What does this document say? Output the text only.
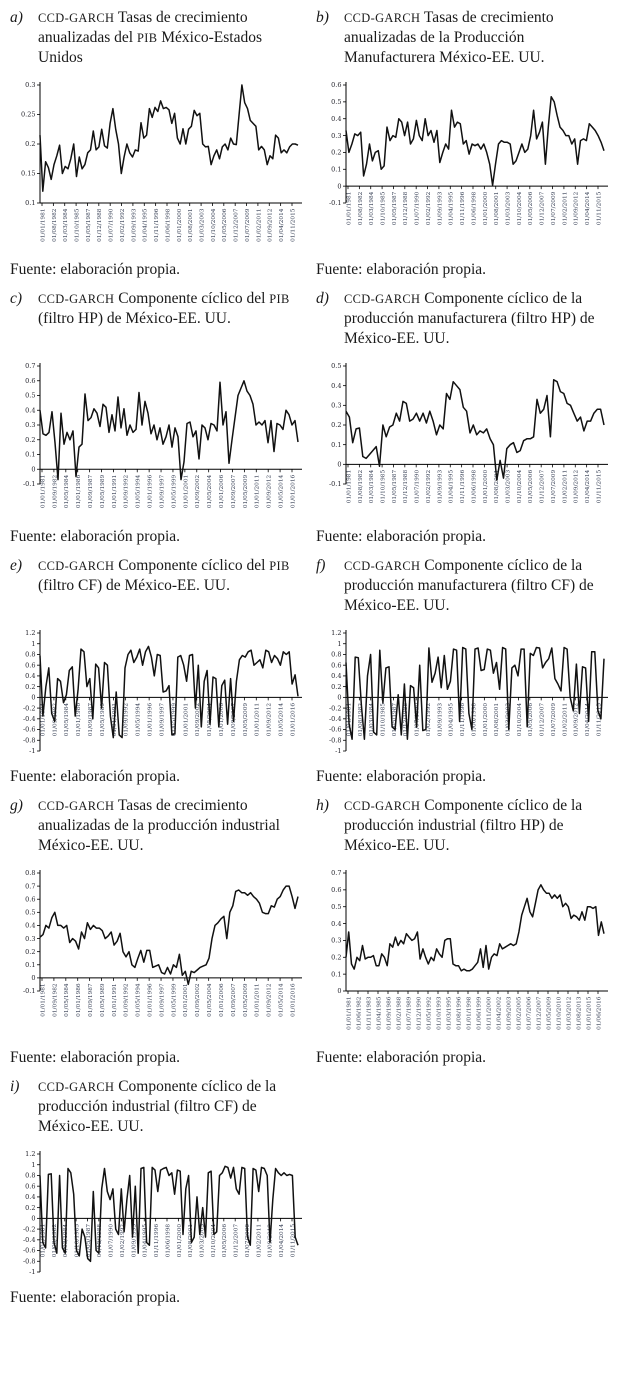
a)	CCD-GARCH Tasas de crecimiento anualizadas del PIB México-Estados Unidos
0.3
0.25
0.2
0.15
0.1
01/01/1981 01/08/1982 01/03/1984 01/10/1985 01/05/1987 01/12/1988 01/07/1990 01/02/1992 01/09/1993 01/04/1995 01/11/1996 01/06/1998 01/01/2000 01/08/2001 01/03/2003 01/10/2004 01/05/2006 01/12/2007 01/07/2009 01/02/2011 01/09/2012 01/04/2014 01/11/2015
Fuente: elaboración propia.
b)	CCD-GARCH Tasas de crecimiento anualizadas de la Producción Manufacturera México-EE. UU.
0.6
0.5
0.4
0.3
0.2
0.1
0
-0.1 01/01/1981 01/08/1982 01/03/1984 01/10/1985 01/05/1987 01/12/1988 01/07/1990 01/02/1992 01/09/1993 01/04/1995 01/11/1996 01/06/1998 01/01/2000 01/08/2001 01/03/2003 01/10/2004 01/05/2006 01/12/2007 01/07/2009 01/02/2011 01/09/2012 01/04/2014 01/11/2015
Fuente: elaboración propia.
c)	CCD-GARCH Componente cíclico del PIB (filtro HP) de México-EE. UU.
0.7
0.6
0.5
0.4
0.3
0.2
0.1
0
-0.1 01/01/1981 01/09/1982 01/05/1984 01/01/1986 01/09/1987 01/05/1989 01/01/1991 01/09/1992 01/05/1994 01/01/1996 01/09/1997 01/05/1999 01/01/2001 01/09/2002 01/05/2004 01/01/2006 01/09/2007 01/05/2009 01/01/2011 01/09/2012 01/05/2014 01/01/2016
Fuente: elaboración propia.
d)	CCD-GARCH Componente cíclico de la producción manufacturera (filtro HP) de México-EE. UU.
0.5
0.4
0.3
0.2
0.1
0
-0.1 01/01/1981 01/08/1982 01/03/1984 01/10/1985 01/05/1987 01/12/1988 01/07/1990 01/02/1992 01/09/1993 01/04/1995 01/11/1996 01/06/1998 01/01/2000 01/08/2001 01/03/2003 01/10/2004 01/05/2006 01/12/2007 01/07/2009 01/02/2011 01/09/2012 01/04/2014 01/11/2015
Fuente: elaboración propia.
e)	CCD-GARCH Componente cíclico del PIB (filtro CF) de México-EE. UU.
1.2
1
0.8
0.6
0.4
0.2
0
-0.2
-0.4
-0.6
-0.8
-1
01/01/1981 01/09/1982 01/05/1984 01/01/1986 01/09/1987 01/05/1989 01/01/1991 01/09/1992 01/05/1994 01/01/1996 01/09/1997 01/05/1999 01/01/2001 01/09/2002 01/05/2004 01/01/2006 01/09/2007 01/05/2009 01/01/2011 01/09/2012 01/05/2014 01/01/2016
Fuente: elaboración propia.
f)	CCD-GARCH Componente cíclico de la producción manufacturera (filtro CF) de México-EE. UU.
1.2
1
0.8
0.6
0.4
0.2
0
-0.2
-0.4
-0.6
-0.8
-1
01/01/1981 01/08/1982 01/03/1984 01/10/1985 01/05/1987 01/12/1988 01/07/1990 01/02/1992 01/09/1993 01/04/1995 01/11/1996 01/06/1998 01/01/2000 01/08/2001 01/03/2003 01/10/2004 01/05/2006 01/12/2007 01/07/2009 01/02/2011 01/09/2012 01/04/2014 01/11/2015
Fuente: elaboración propia.
g)	CCD-GARCH Tasas de crecimiento anualizadas de la producción industrial México-EE. UU.
0.8
0.7
0.6
0.5
0.4
0.3
0.2
0.1
0
-0.1 01/01/1981 01/09/1982 01/05/1984 01/01/1986 01/09/1987 01/05/1989 01/01/1991 01/09/1992 01/05/1994 01/01/1996 01/09/1997 01/05/1999 01/01/2001 01/09/2002 01/05/2004 01/01/2006 01/09/2007 01/05/2009 01/01/2011 01/09/2012 01/05/2014 01/01/2016
Fuente: elaboración propia.
h)	CCD-GARCH Componente cíclico de la producción industrial (filtro HP) de México-EE. UU.
0.7
0.6
0.5
0.4
0.3
0.2
0.1
0
01/01/1981 01/06/1982 01/11/1983 01/04/1985 01/09/1986 01/02/1988 01/07/1989 01/12/1990 01/05/1992 01/10/1993 01/03/1995 01/08/1996 01/01/1998 01/06/1999 01/11/2000 01/04/2002 01/09/2003 01/02/2005 01/07/2006 01/12/2007 01/05/2009 01/10/2010 01/03/2012 01/08/2013 01/01/2015 01/06/2016
Fuente: elaboración propia.
i)	CCD-GARCH Componente cíclico de la producción industrial (filtro CF) de México-EE. UU.
1.2
1
0.8
0.6
0.4
0.2
0
-0.2
-0.4
-0.6
-0.8
-1
01/01/1981 01/08/1982 01/03/1984 01/10/1985 01/05/1987 01/12/1988 01/07/1990 01/02/1992 01/09/1993 01/04/1995 01/11/1996 01/06/1998 01/01/2000 01/08/2001 01/03/2003 01/10/2004 01/05/2006 01/12/2007 01/07/2009 01/02/2011 01/09/2012 01/04/2014 01/11/2015
Fuente: elaboración propia.
